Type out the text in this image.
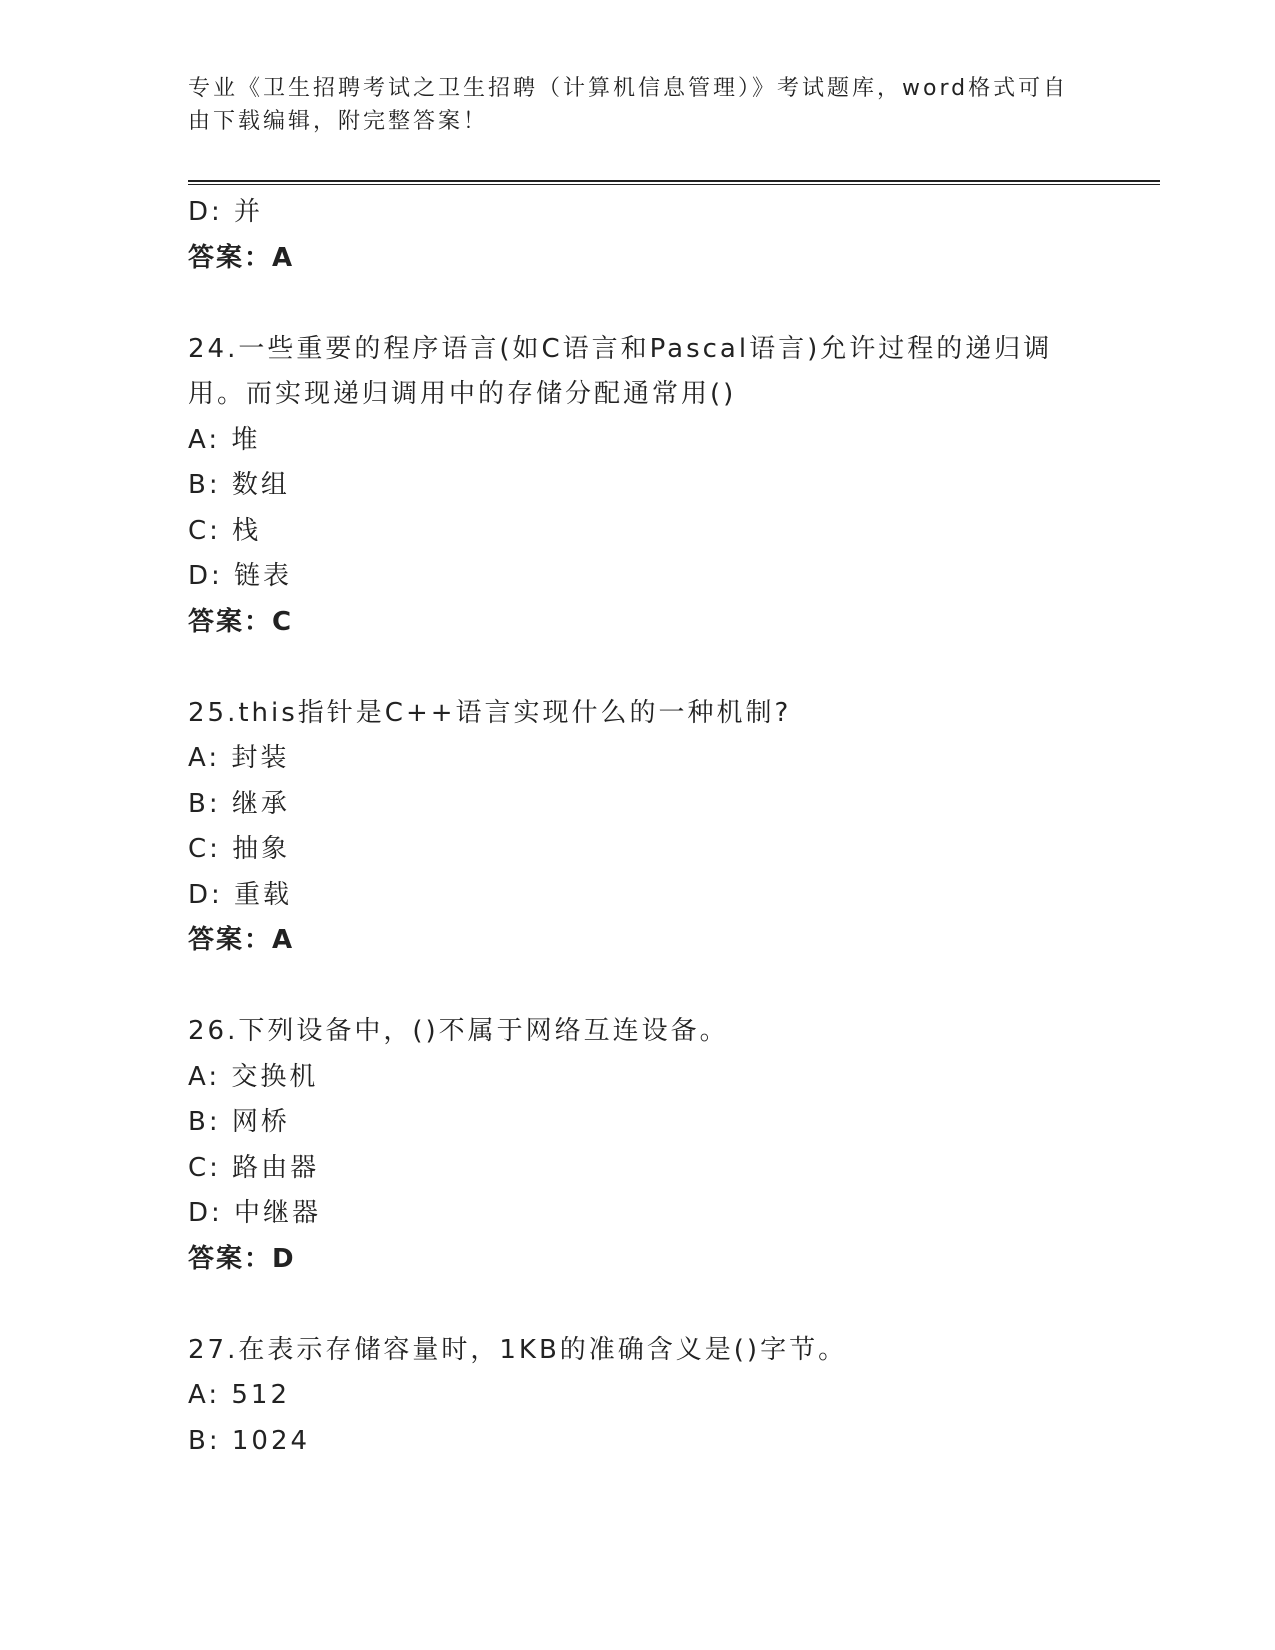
专业《卫生招聘考试之卫生招聘（计算机信息管理）》考试题库，word格式可自
由下载编辑，附完整答案！
D: 并
答案：A
24.一些重要的程序语言(如C语言和Pascal语言)允许过程的递归调
用。而实现递归调用中的存储分配通常用()
A: 堆
B: 数组
C: 栈
D: 链表
答案：C
25.this指针是C++语言实现什么的一种机制?
A: 封装
B: 继承
C: 抽象
D: 重载
答案：A
26.下列设备中，()不属于网络互连设备。
A: 交换机
B: 网桥
C: 路由器
D: 中继器
答案：D
27.在表示存储容量时，1KB的准确含义是()字节。
A: 512
B: 1024
